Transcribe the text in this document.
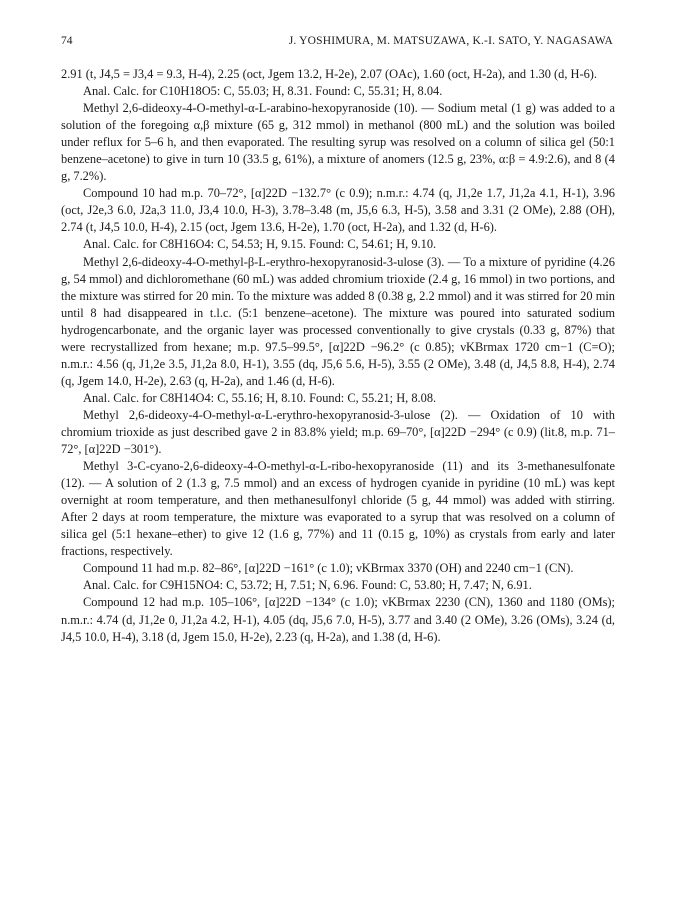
74	J. YOSHIMURA, M. MATSUZAWA, K.-I. SATO, Y. NAGASAWA

2.91 (t, J4,5 = J3,4 = 9.3, H-4), 2.25 (oct, Jgem 13.2, H-2e), 2.07 (OAc), 1.60 (oct, H-2a), and 1.30 (d, H-6).

Anal. Calc. for C10H18O5: C, 55.03; H, 8.31. Found: C, 55.31; H, 8.04.

Methyl 2,6-dideoxy-4-O-methyl-α-L-arabino-hexopyranoside (10). — Sodium metal (1 g) was added to a solution of the foregoing α,β mixture (65 g, 312 mmol) in methanol (800 mL) and the solution was boiled under reflux for 5–6 h, and then evaporated. The resulting syrup was resolved on a column of silica gel (50:1 benzene–acetone) to give in turn 10 (33.5 g, 61%), a mixture of anomers (12.5 g, 23%, α:β = 4.9:2.6), and 8 (4 g, 7.2%).

Compound 10 had m.p. 70–72°, [α]22D −132.7° (c 0.9); n.m.r.: 4.74 (q, J1,2e 1.7, J1,2a 4.1, H-1), 3.96 (oct, J2e,3 6.0, J2a,3 11.0, J3,4 10.0, H-3), 3.78–3.48 (m, J5,6 6.3, H-5), 3.58 and 3.31 (2 OMe), 2.88 (OH), 2.74 (t, J4,5 10.0, H-4), 2.15 (oct, Jgem 13.6, H-2e), 1.70 (oct, H-2a), and 1.32 (d, H-6).

Anal. Calc. for C8H16O4: C, 54.53; H, 9.15. Found: C, 54.61; H, 9.10.

Methyl 2,6-dideoxy-4-O-methyl-β-L-erythro-hexopyranosid-3-ulose (3). — To a mixture of pyridine (4.26 g, 54 mmol) and dichloromethane (60 mL) was added chromium trioxide (2.4 g, 16 mmol) in two portions, and the mixture was stirred for 20 min. To the mixture was added 8 (0.38 g, 2.2 mmol) and it was stirred for 20 min until 8 had disappeared in t.l.c. (5:1 benzene–acetone). The mixture was poured into saturated sodium hydrogencarbonate, and the organic layer was processed conventionally to give crystals (0.33 g, 87%) that were recrystallized from hexane; m.p. 97.5–99.5°, [α]22D −96.2° (c 0.85); νKBrmax 1720 cm−1 (C=O); n.m.r.: 4.56 (q, J1,2e 3.5, J1,2a 8.0, H-1), 3.55 (dq, J5,6 5.6, H-5), 3.55 (2 OMe), 3.48 (d, J4,5 8.8, H-4), 2.74 (q, Jgem 14.0, H-2e), 2.63 (q, H-2a), and 1.46 (d, H-6).

Anal. Calc. for C8H14O4: C, 55.16; H, 8.10. Found: C, 55.21; H, 8.08.

Methyl 2,6-dideoxy-4-O-methyl-α-L-erythro-hexopyranosid-3-ulose (2). — Oxidation of 10 with chromium trioxide as just described gave 2 in 83.8% yield; m.p. 69–70°, [α]22D −294° (c 0.9) (lit.8, m.p. 71–72°, [α]22D −301°).

Methyl 3-C-cyano-2,6-dideoxy-4-O-methyl-α-L-ribo-hexopyranoside (11) and its 3-methanesulfonate (12). — A solution of 2 (1.3 g, 7.5 mmol) and an excess of hydrogen cyanide in pyridine (10 mL) was kept overnight at room temperature, and then methanesulfonyl chloride (5 g, 44 mmol) was added with stirring. After 2 days at room temperature, the mixture was evaporated to a syrup that was resolved on a column of silica gel (5:1 hexane–ether) to give 12 (1.6 g, 77%) and 11 (0.15 g, 10%) as crystals from early and later fractions, respectively.

Compound 11 had m.p. 82–86°, [α]22D −161° (c 1.0); νKBrmax 3370 (OH) and 2240 cm−1 (CN).

Anal. Calc. for C9H15NO4: C, 53.72; H, 7.51; N, 6.96. Found: C, 53.80; H, 7.47; N, 6.91.

Compound 12 had m.p. 105–106°, [α]22D −134° (c 1.0); νKBrmax 2230 (CN), 1360 and 1180 (OMs); n.m.r.: 4.74 (d, J1,2e 0, J1,2a 4.2, H-1), 4.05 (dq, J5,6 7.0, H-5), 3.77 and 3.40 (2 OMe), 3.26 (OMs), 3.24 (d, J4,5 10.0, H-4), 3.18 (d, Jgem 15.0, H-2e), 2.23 (q, H-2a), and 1.38 (d, H-6).
